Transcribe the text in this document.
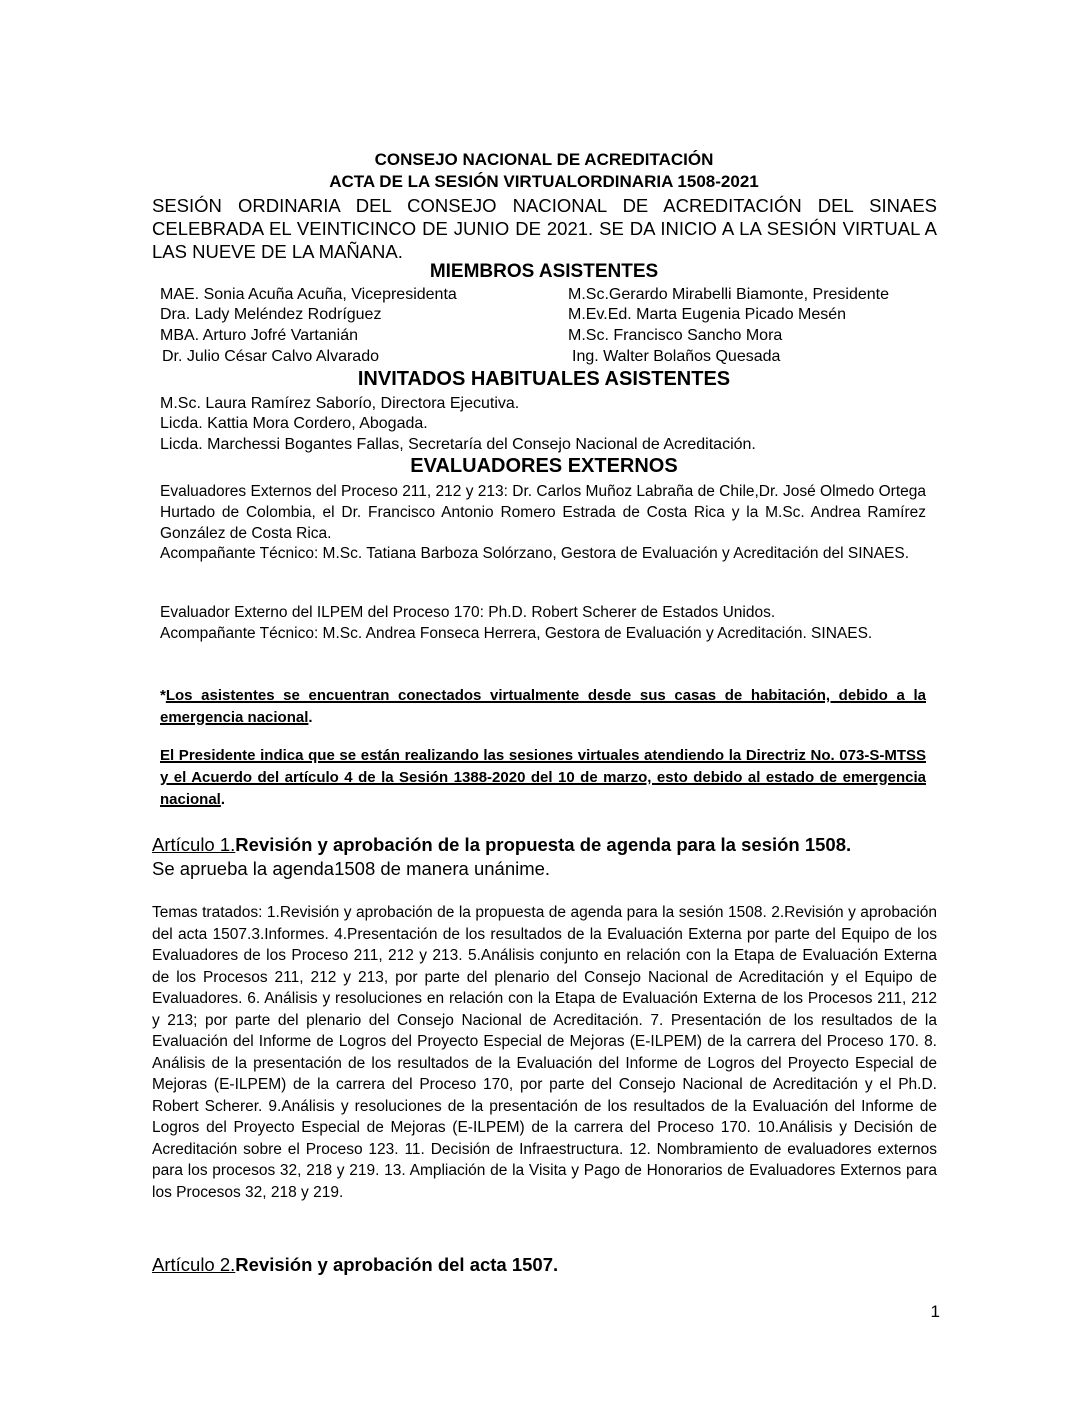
CONSEJO NACIONAL DE ACREDITACIÓN
ACTA DE LA SESIÓN VIRTUALORDINARIA 1508-2021
SESIÓN ORDINARIA DEL CONSEJO NACIONAL DE ACREDITACIÓN DEL SINAES CELEBRADA EL VEINTICINCO DE JUNIO DE 2021. SE DA INICIO A LA SESIÓN VIRTUAL A LAS NUEVE DE LA MAÑANA.
MIEMBROS ASISTENTES
MAE. Sonia Acuña Acuña, Vicepresidenta
Dra. Lady Meléndez Rodríguez
MBA. Arturo Jofré Vartanián
Dr. Julio César Calvo Alvarado
M.Sc.Gerardo Mirabelli Biamonte, Presidente
M.Ev.Ed. Marta Eugenia Picado Mesén
M.Sc. Francisco Sancho Mora
Ing. Walter Bolaños Quesada
INVITADOS HABITUALES ASISTENTES
M.Sc. Laura Ramírez Saborío, Directora Ejecutiva.
Licda. Kattia Mora Cordero, Abogada.
Licda. Marchessi Bogantes Fallas, Secretaría del Consejo Nacional de Acreditación.
EVALUADORES EXTERNOS
Evaluadores Externos del Proceso 211, 212 y 213: Dr. Carlos Muñoz Labraña de Chile,Dr. José Olmedo Ortega Hurtado de Colombia, el Dr. Francisco Antonio Romero Estrada de Costa Rica y la M.Sc. Andrea Ramírez González de Costa Rica.
Acompañante Técnico: M.Sc. Tatiana Barboza Solórzano, Gestora de Evaluación y Acreditación del SINAES.
Evaluador Externo del ILPEM del Proceso 170: Ph.D. Robert Scherer de Estados Unidos.
Acompañante Técnico: M.Sc. Andrea Fonseca Herrera, Gestora de Evaluación y Acreditación. SINAES.
*Los asistentes se encuentran conectados virtualmente desde sus casas de habitación, debido a la emergencia nacional.
El Presidente indica que se están realizando las sesiones virtuales atendiendo la Directriz No. 073-S-MTSS y el Acuerdo del artículo 4 de la Sesión 1388-2020 del 10 de marzo, esto debido al estado de emergencia nacional.
Artículo 1.Revisión y aprobación de la propuesta de agenda para la sesión 1508.
Se aprueba la agenda1508 de manera unánime.
Temas tratados: 1.Revisión y aprobación de la propuesta de agenda para la sesión 1508. 2.Revisión y aprobación del acta 1507.3.Informes. 4.Presentación de los resultados de la Evaluación Externa por parte del Equipo de los Evaluadores de los Proceso 211, 212 y 213. 5.Análisis conjunto en relación con la Etapa de Evaluación Externa de los Procesos 211, 212 y 213, por parte del plenario del Consejo Nacional de Acreditación y el Equipo de Evaluadores. 6. Análisis y resoluciones en relación con la Etapa de Evaluación Externa de los Procesos 211, 212 y 213; por parte del plenario del Consejo Nacional de Acreditación. 7. Presentación de los resultados de la Evaluación del Informe de Logros del Proyecto Especial de Mejoras (E-ILPEM) de la carrera del Proceso 170. 8. Análisis de la presentación de los resultados de la Evaluación del Informe de Logros del Proyecto Especial de Mejoras (E-ILPEM) de la carrera del Proceso 170, por parte del Consejo Nacional de Acreditación y el Ph.D. Robert Scherer. 9.Análisis y resoluciones de la presentación de los resultados de la Evaluación del Informe de Logros del Proyecto Especial de Mejoras (E-ILPEM) de la carrera del Proceso 170. 10.Análisis y Decisión de Acreditación sobre el Proceso 123. 11. Decisión de Infraestructura. 12. Nombramiento de evaluadores externos para los procesos 32, 218 y 219. 13. Ampliación de la Visita y Pago de Honorarios de Evaluadores Externos para los Procesos 32, 218 y 219.
Artículo 2.Revisión y aprobación del acta 1507.
1
